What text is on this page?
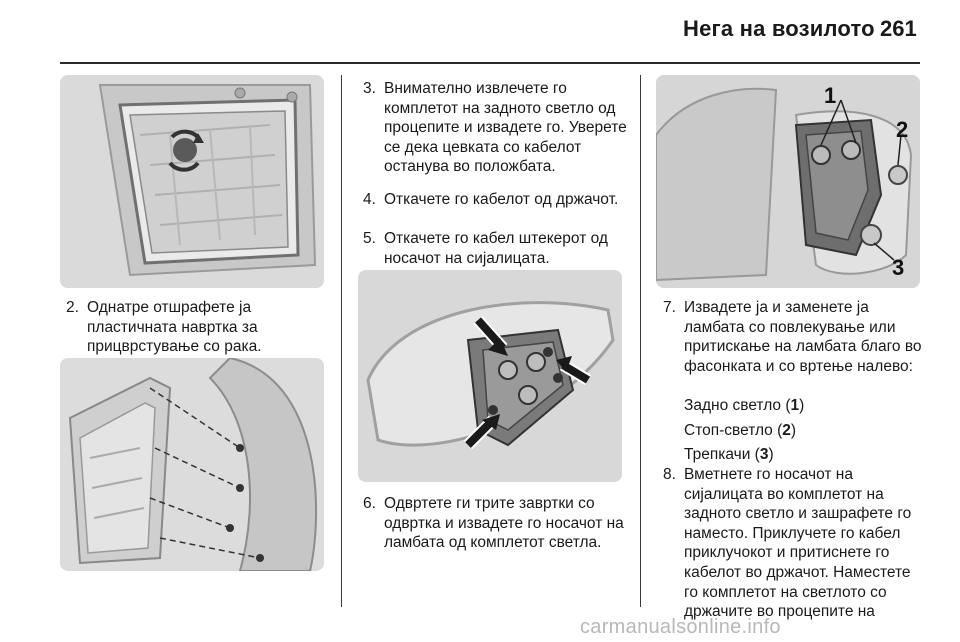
Нега на возилото 261
2. Однатре отшрафете ја пластичната наврткa за прицврстување со рака.
3. Внимателно извлечете го комплетот на задното светло од процепите и извадете го. Уверете се дека цевката со кабелот останува во положбата.
4. Откачете го кабелот од држачот.
5. Откачете го кабел штекерот од носачот на сијалицата.
6. Одвртете ги трите завртки со одвртка и извадете го носачот на ламбата од комплетот светла.
1
2
3
7. Извадете ја и заменете ја ламбата со повлекување или притискање на ламбата благо во фасонката и со вртење налево:
Задно светло (1)
Стоп-светло (2)
Трепкачи (3)
8. Вметнете го носачот на сијалицата во комплетот на задното светло и зашрафете го наместо. Приклучете го кабел приклучокот и притиснете го кабелот во држачот. Наместете го комплетот на светлото со држачите во процепите на
carmanualsonline.info
